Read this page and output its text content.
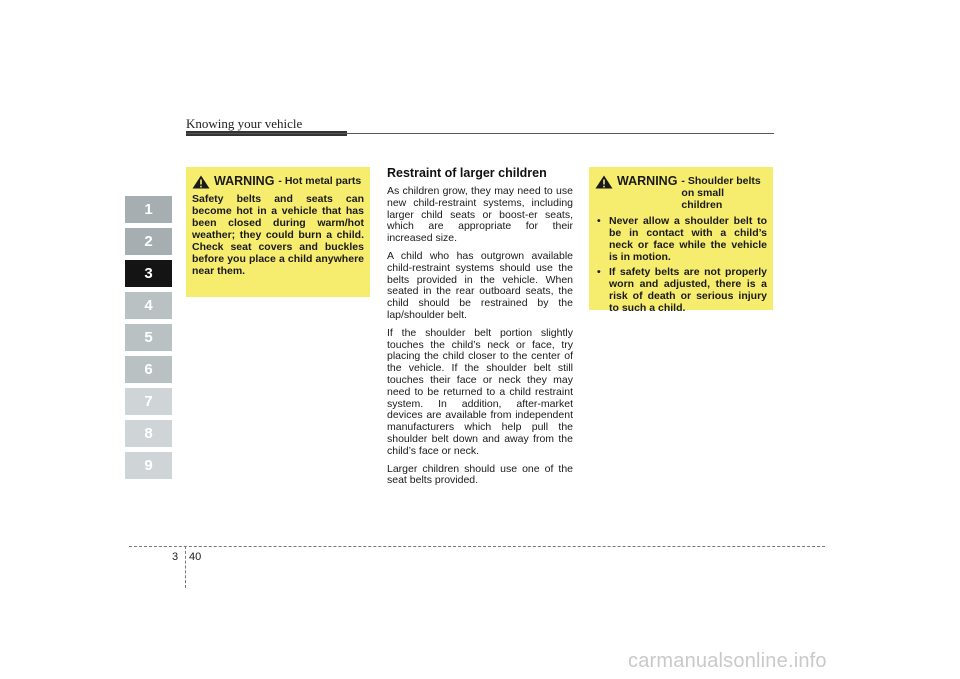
Knowing your vehicle
1
2
3
4
5
6
7
8
9
WARNING - Hot metal parts
Safety belts and seats can become hot in a vehicle that has been closed during warm/hot weather; they could burn a child. Check seat covers and buckles before you place a child anywhere near them.
Restraint of larger children

As children grow, they may need to use new child-restraint systems, including larger child seats or boost-er seats, which are appropriate for their increased size.

A child who has outgrown available child-restraint systems should use the belts provided in the vehicle. When seated in the rear outboard seats, the child should be restrained by the lap/shoulder belt.

If the shoulder belt portion slightly touches the child’s neck or face, try placing the child closer to the center of the vehicle. If the shoulder belt still touches their face or neck they may need to be returned to a child restraint system. In addition, after-market devices are available from independent manufacturers which help pull the shoulder belt down and away from the child’s face or neck.

Larger children should use one of the seat belts provided.

WARNING - Shoulder belts on small children
• Never allow a shoulder belt to be in contact with a child’s neck or face while the vehicle is in motion.
• If safety belts are not properly worn and adjusted, there is a risk of death or serious injury to such a child.
3 40
carmanualsonline.info
